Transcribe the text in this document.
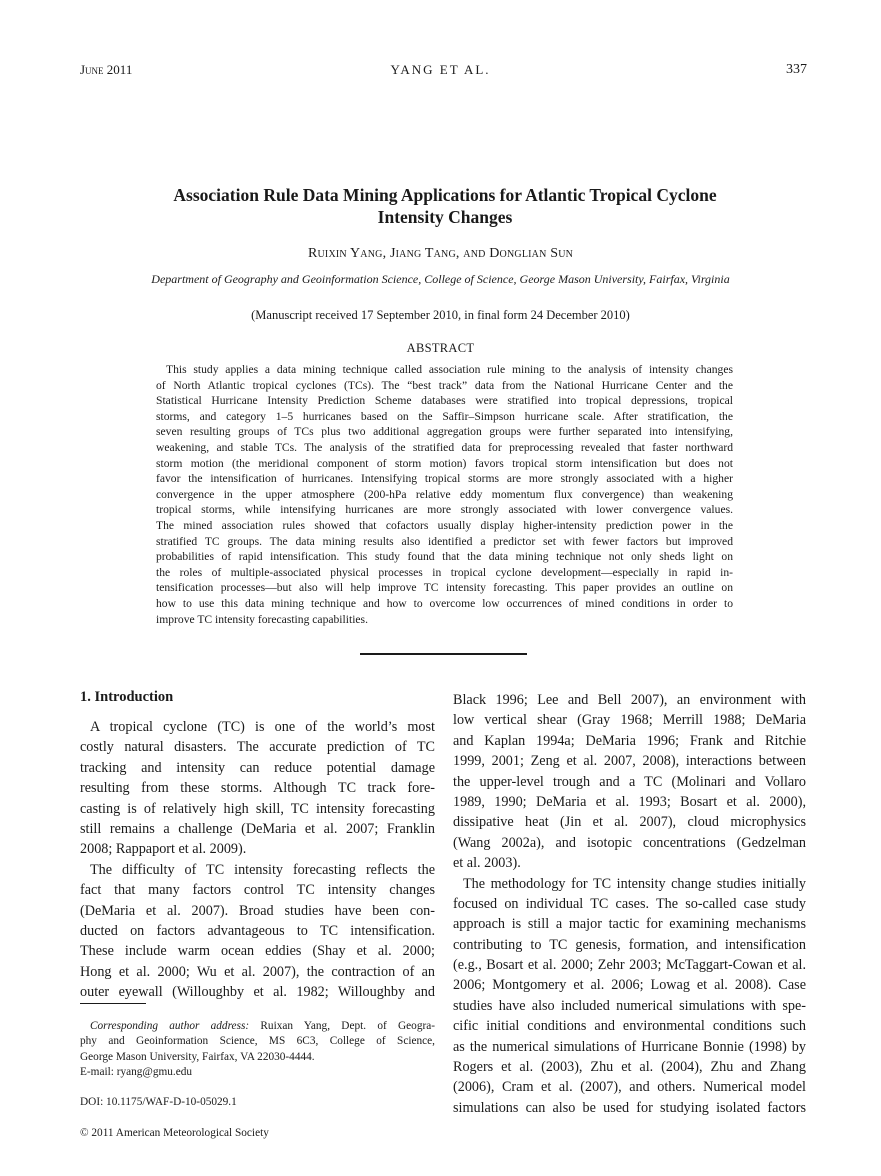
June 2011	YANG ET AL.	337
Association Rule Data Mining Applications for Atlantic Tropical Cyclone
Intensity Changes
Ruixin Yang, Jiang Tang, and Donglian Sun
Department of Geography and Geoinformation Science, College of Science, George Mason University, Fairfax, Virginia
(Manuscript received 17 September 2010, in final form 24 December 2010)
ABSTRACT
This study applies a data mining technique called association rule mining to the analysis of intensity changes
of North Atlantic tropical cyclones (TCs). The “best track” data from the National Hurricane Center and the
Statistical Hurricane Intensity Prediction Scheme databases were stratified into tropical depressions, tropical
storms, and category 1–5 hurricanes based on the Saffir–Simpson hurricane scale. After stratification, the
seven resulting groups of TCs plus two additional aggregation groups were further separated into intensifying,
weakening, and stable TCs. The analysis of the stratified data for preprocessing revealed that faster northward
storm motion (the meridional component of storm motion) favors tropical storm intensification but does not
favor the intensification of hurricanes. Intensifying tropical storms are more strongly associated with a higher
convergence in the upper atmosphere (200-hPa relative eddy momentum flux convergence) than weakening
tropical storms, while intensifying hurricanes are more strongly associated with lower convergence values.
The mined association rules showed that cofactors usually display higher-intensity prediction power in the
stratified TC groups. The data mining results also identified a predictor set with fewer factors but improved
probabilities of rapid intensification. This study found that the data mining technique not only sheds light on
the roles of multiple-associated physical processes in tropical cyclone development—especially in rapid in-
tensification processes—but also will help improve TC intensity forecasting. This paper provides an outline on
how to use this data mining technique and how to overcome low occurrences of mined conditions in order to
improve TC intensity forecasting capabilities.
1. Introduction
A tropical cyclone (TC) is one of the world’s most
costly natural disasters. The accurate prediction of TC
tracking and intensity can reduce potential damage
resulting from these storms. Although TC track fore-
casting is of relatively high skill, TC intensity forecasting
still remains a challenge (DeMaria et al. 2007; Franklin
2008; Rappaport et al. 2009).
The difficulty of TC intensity forecasting reflects the
fact that many factors control TC intensity changes
(DeMaria et al. 2007). Broad studies have been con-
ducted on factors advantageous to TC intensification.
These include warm ocean eddies (Shay et al. 2000;
Hong et al. 2000; Wu et al. 2007), the contraction of an
outer eyewall (Willoughby et al. 1982; Willoughby and
Corresponding author address: Ruixan Yang, Dept. of Geogra-
phy and Geoinformation Science, MS 6C3, College of Science,
George Mason University, Fairfax, VA 22030-4444.
E-mail: ryang@gmu.edu
DOI: 10.1175/WAF-D-10-05029.1
© 2011 American Meteorological Society
Black 1996; Lee and Bell 2007), an environment with
low vertical shear (Gray 1968; Merrill 1988; DeMaria
and Kaplan 1994a; DeMaria 1996; Frank and Ritchie
1999, 2001; Zeng et al. 2007, 2008), interactions between
the upper-level trough and a TC (Molinari and Vollaro
1989, 1990; DeMaria et al. 1993; Bosart et al. 2000),
dissipative heat (Jin et al. 2007), cloud microphysics
(Wang 2002a), and isotopic concentrations (Gedzelman
et al. 2003).
The methodology for TC intensity change studies initially
focused on individual TC cases. The so-called case study
approach is still a major tactic for examining mechanisms
contributing to TC genesis, formation, and intensification
(e.g., Bosart et al. 2000; Zehr 2003; McTaggart-Cowan et al.
2006; Montgomery et al. 2006; Lowag et al. 2008). Case
studies have also included numerical simulations with spe-
cific initial conditions and environmental conditions such
as the numerical simulations of Hurricane Bonnie (1998) by
Rogers et al. (2003), Zhu et al. (2004), Zhu and Zhang
(2006), Cram et al. (2007), and others. Numerical model
simulations can also be used for studying isolated factors
